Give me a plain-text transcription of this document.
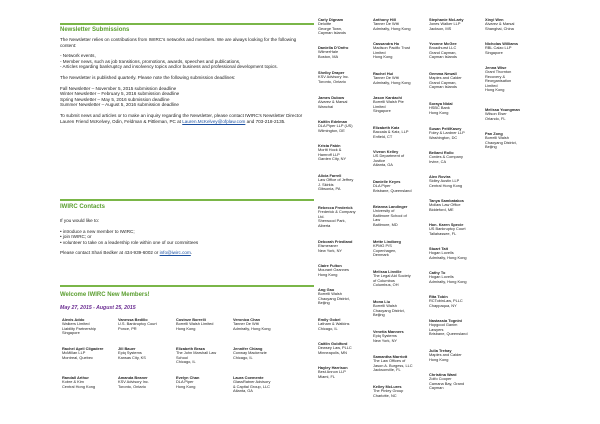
Newsletter Submissions

The Newsletter relies on contributions from IWIRC's networks and members. We are always looking for the following content:

- Network events,

- Member news, such as job transitions, promotions, awards, speeches and publications,

- Articles regarding bankruptcy and insolvency topics and/or business and professional development topics.

The Newsletter is published quarterly. Please note the following submission deadlines:

Fall Newsletter – November 5, 2015 submission deadline

Winter Newsletter – February 5, 2016 submission deadline

Spring Newsletter – May 5, 2016 submission deadline

Summer Newsletter – August 5, 2016 submission deadline

To submit news and articles or to make an inquiry regarding the Newsletter, please contact IWIRC's Newsletter Director Lauren Friend McKelvey, Odin, Feldman & Pittleman, PC at Lauren.McKelvey@ofplaw.com and 703-218-2135.

IWIRC Contacts

If you would like to:

• introduce a new member to IWIRC;

• join IWIRC; or

• volunteer to take on a leadership role within one of our committees

Please contact Shari Bedker at 434-939-6002 or info@iwirc.com.

Welcome IWIRC New Members!
May 27, 2015 - August 25, 2015
Alexis Addo
Walkers Limited
Liability Partnership
Singapore
Vanessa Bedillo
U.S. Bankruptcy Court
Ponce, PR
Costnze Borrelli
Borrelli Walsh Limited
Hong Kong
Veronica Chan
Tanner De Witt
Admiralty, Hong Kong
Rachel April Cligadere
McMillan LLP
Montreal, Quebec
Jill Bauer
Epiq Systems
Kansas City, KS
Elizabeth Braza
The John Marshall Law
School
Chicago, IL
Jennifer Chiang
Conway Mackenzie
Chicago, IL
Randall Arthur
Kobre & Kim
Central Hong Kong
Amanda Beaner
KSV Advisory Inc.
Toronto, Ontario
Evelyn Chan
DLA Piper
Hong Kong
Laura Coemente
GlassRatner Advisory
& Capital Group, LLC
Atlanta, GA
Carly Dignam
Deloitte
George Town,
Cayman Islands
Daniella D'Onfro
WilmerHale
Boston, MA
Shelby Draper
KSV Advisory Inc.
Toronto, Ontario
James Dubow
Alvarez & Marsal
Wanchai
Kaitlin Edelman
DLA Piper LLP (US)
Wilmington, DE
Krista Fabin
Moritt Hock &
Hamroff LLP
Garden City, NY
Alicia Farrell
Law Office of Jeffrey
J. Skirkis
Gibsonia, PA
Rebecca Frederick
Frederick & Company
Ltd.
Sherwood Park,
Alberta
Deborah Friedland
Elsmeraner
New York, NY
Claire Fulton
Mourant Ozannes
Hong Kong
Ang Gao
Borrelli Walsh
Chaoyang District,
Beijing
Emily Gobel
Latham & Watkins
Chicago, IL
Caitlin Goldford
Dewsey Law, PLLC
Minneapolis, MN
Hayley Harrison
Best Annon LLP
Miami, FL
Anthony Hill
Tanner De Witt
Admiralty, Hong Kong
Cassandra Ho
Madison Pacific Trust
Limited
Hong Kong
Rachel Hui
Tanner De Witt
Admiralty, Hong Kong
Jason Kardachi
Borrelli Walsh Pte
Limited
Singapore
Elizabeth Katz
Baccala & Katz, LLP
Enfield, CT
Viveon Kelley
US Department of
Justice
Atlanta, GA
Danielle Keyes
DLA Piper
Brisbane, Queensland
Brianna Landinger
University of
Baltimore School of
Law
Baltimore, MD
Mette Lindberg
KPMG P/S
Copenhagen,
Denmark
Melissa Linville
The Legal Aid Society
of Columbus
Columbus, OH
Mona Liu
Borrelli Walsh
Chaoyang District,
Beijing
Venetia Manners
Epiq Systems
New York, NY
Samantha Marriott
The Law Offices of
Jason A. Burgess, LLC
Jacksonville, FL
Kelley McLures
The Pinley Group
Charlotte, NC
Stephanie McLarty
Jones Walker LLP
Jackson, MS
Yvonne McGee
Broadhurst LLC
Grand Cayman,
Cayman Islands
Gemma Newall
Maples and Calder
Grand Cayman,
Cayman Islands
Soraya Nidal
HSBC Bank
Hong Kong
Susan Pelt/Kasey
Foley & Lardner LLP
Washington, DC
Bellami Rollo
Cordes & Company
Irvine, CA
Alex Rovira
Sidley Austin LLP
Central Hong Kong
Tanya Sambatakos
Mollaw Law Office
Biddeford, ME
Hon. Karen Specie
US Bankruptcy Court
Tallahassee, FL
Stuart Tait
Hogan Lovells
Admiralty, Hong Kong
Cathy To
Hogan Lovells
Admiralty, Hong Kong
Rita Tobin
RCTobinLaw, PLLC
Chappaqua, NY
Nastassia Tognini
Hopgood Ganim
Lawyers
Brisbane, Queensland
Julia Trehay
Maples and Calder
Hong Kong
Christina Ward
Zolfo Cooper
Camana Bay, Grand
Cayman
Xinyi Wen
Alvarez & Marsal
Shanghai, China
Nicholas Williams
RBL Calzo LLP
Singapore
Jenna Wise
Grant Thornton
Recovery &
Reorganisation
Limited
Hong Kong
Melissa Youngman
Wilson Elser
Orlando, FL
Pan Zong
Borrelli Walsh
Chaoyang District,
Beijing
